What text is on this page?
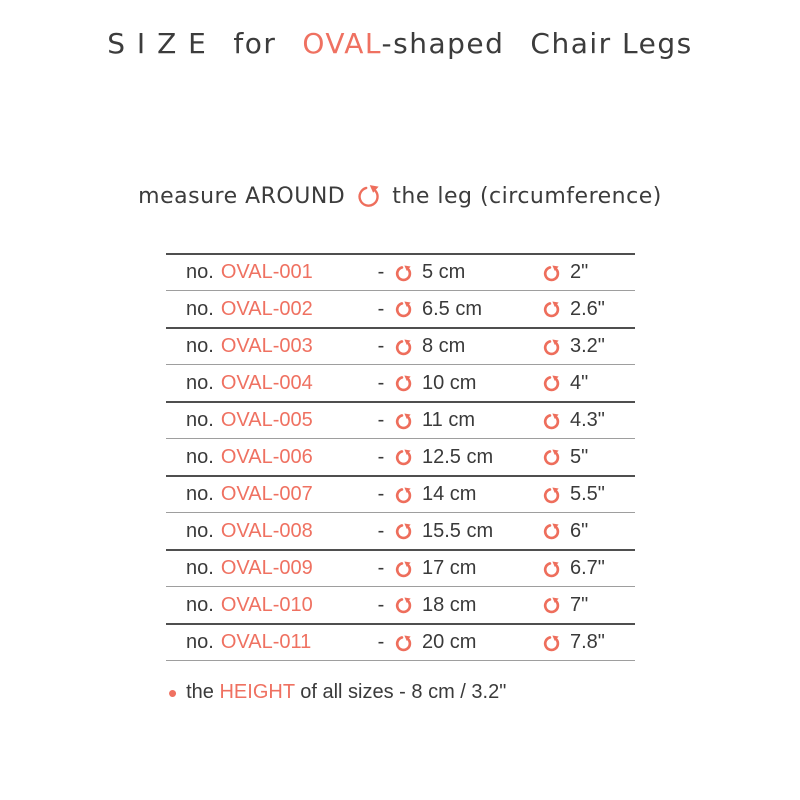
S I Z E for OVAL-shaped Chair Legs
measure AROUND the leg (circumference)
no. OVAL-001	-	5 cm	2"
no. OVAL-002	-	6.5 cm	2.6"
no. OVAL-003	-	8 cm	3.2"
no. OVAL-004	-	10 cm	4"
no. OVAL-005	-	11 cm	4.3"
no. OVAL-006	-	12.5 cm	5"
no. OVAL-007	-	14 cm	5.5"
no. OVAL-008	-	15.5 cm	6"
no. OVAL-009	-	17 cm	6.7"
no. OVAL-010	-	18 cm	7"
no. OVAL-011	-	20 cm	7.8"
• the HEIGHT of all sizes - 8 cm / 3.2"
